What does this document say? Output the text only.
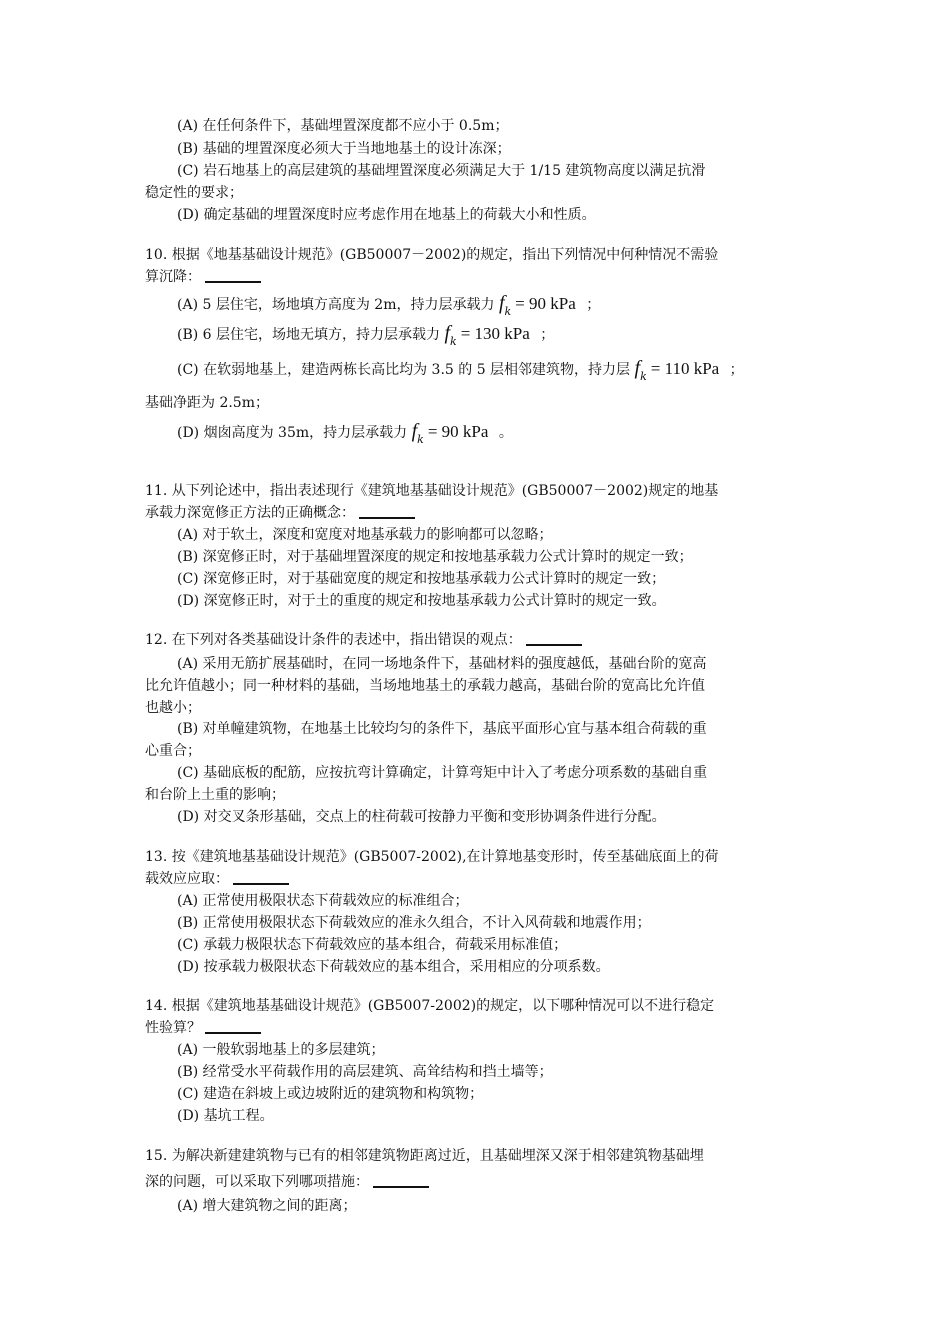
(A) 在任何条件下，基础埋置深度都不应小于 0.5m；
(B) 基础的埋置深度必须大于当地地基土的设计冻深；
(C) 岩石地基上的高层建筑的基础埋置深度必须满足大于 1/15 建筑物高度以满足抗滑
稳定性的要求；
(D) 确定基础的埋置深度时应考虑作用在地基上的荷载大小和性质。
10. 根据《地基基础设计规范》(GB50007－2002)的规定，指出下列情况中何种情况不需验
算沉降：
(A) 5 层住宅，场地填方高度为 2m，持力层承载力 $f_k = 90$ kPa ；
(B) 6 层住宅，场地无填方，持力层承载力 $f_k = 130$ kPa ；
(C) 在软弱地基上，建造两栋长高比均为 3.5 的 5 层相邻建筑物，持力层 $f_k = 110$ kPa ；
基础净距为 2.5m；
(D) 烟囱高度为 35m，持力层承载力 $f_k = 90$ kPa 。
11. 从下列论述中，指出表述现行《建筑地基基础设计规范》(GB50007－2002)规定的地基
承载力深宽修正方法的正确概念：
(A) 对于软土，深度和宽度对地基承载力的影响都可以忽略；
(B) 深宽修正时，对于基础埋置深度的规定和按地基承载力公式计算时的规定一致；
(C) 深宽修正时，对于基础宽度的规定和按地基承载力公式计算时的规定一致；
(D) 深宽修正时，对于土的重度的规定和按地基承载力公式计算时的规定一致。
12. 在下列对各类基础设计条件的表述中，指出错误的观点：
(A) 采用无筋扩展基础时，在同一场地条件下，基础材料的强度越低，基础台阶的宽高
比允许值越小；同一种材料的基础，当场地地基土的承载力越高，基础台阶的宽高比允许值
也越小；
(B) 对单幢建筑物，在地基土比较均匀的条件下，基底平面形心宜与基本组合荷载的重
心重合；
(C) 基础底板的配筋，应按抗弯计算确定，计算弯矩中计入了考虑分项系数的基础自重
和台阶上土重的影响；
(D) 对交叉条形基础，交点上的柱荷载可按静力平衡和变形协调条件进行分配。
13. 按《建筑地基基础设计规范》(GB5007-2002),在计算地基变形时，传至基础底面上的荷
载效应应取：
(A) 正常使用极限状态下荷载效应的标准组合；
(B) 正常使用极限状态下荷载效应的准永久组合，不计入风荷载和地震作用；
(C) 承载力极限状态下荷载效应的基本组合，荷载采用标准值；
(D) 按承载力极限状态下荷载效应的基本组合，采用相应的分项系数。
14. 根据《建筑地基基础设计规范》(GB5007-2002)的规定，以下哪种情况可以不进行稳定
性验算？
(A) 一般软弱地基上的多层建筑；
(B) 经常受水平荷载作用的高层建筑、高耸结构和挡土墙等；
(C) 建造在斜坡上或边坡附近的建筑物和构筑物；
(D) 基坑工程。
15. 为解决新建建筑物与已有的相邻建筑物距离过近，且基础埋深又深于相邻建筑物基础埋
深的问题，可以采取下列哪项措施：
(A) 增大建筑物之间的距离；
